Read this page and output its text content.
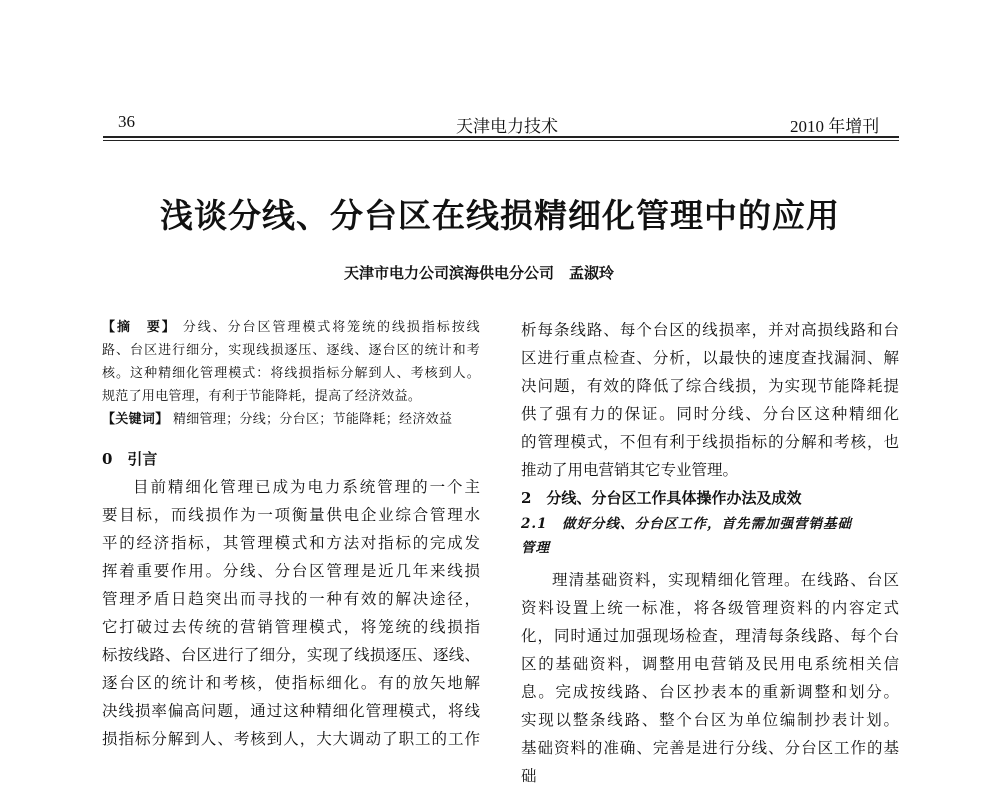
36	天津电力技术	2010 年增刊
浅谈分线、分台区在线损精细化管理中的应用
天津市电力公司滨海供电分公司　孟淑玲
【摘　要】 分线、分台区管理模式将笼统的线损指标按线
路、台区进行细分，实现线损逐压、逐线、逐台区的统计和考
核。这种精细化管理模式：将线损指标分解到人、考核到人。
规范了用电管理，有利于节能降耗，提高了经济效益。
【关键词】 精细管理；分线；分台区；节能降耗；经济效益
0　引言
目前精细化管理已成为电力系统管理的一个主
要目标，而线损作为一项衡量供电企业综合管理水
平的经济指标，其管理模式和方法对指标的完成发
挥着重要作用。分线、分台区管理是近几年来线损
管理矛盾日趋突出而寻找的一种有效的解决途径，
它打破过去传统的营销管理模式，将笼统的线损指
标按线路、台区进行了细分，实现了线损逐压、逐线、
逐台区的统计和考核，使指标细化。有的放矢地解
决线损率偏高问题，通过这种精细化管理模式，将线
损指标分解到人、考核到人，大大调动了职工的工作
析每条线路、每个台区的线损率，并对高损线路和台
区进行重点检查、分析，以最快的速度查找漏洞、解
决问题，有效的降低了综合线损，为实现节能降耗提
供了强有力的保证。同时分线、分台区这种精细化
的管理模式，不但有利于线损指标的分解和考核，也
推动了用电营销其它专业管理。
2　分线、分台区工作具体操作办法及成效
2.1　做好分线、分台区工作，首先需加强营销基础
管理
理清基础资料，实现精细化管理。在线路、台区
资料设置上统一标准，将各级管理资料的内容定式
化，同时通过加强现场检查，理清每条线路、每个台
区的基础资料，调整用电营销及民用电系统相关信
息。完成按线路、台区抄表本的重新调整和划分。
实现以整条线路、整个台区为单位编制抄表计划。
基础资料的准确、完善是进行分线、分台区工作的基
础
